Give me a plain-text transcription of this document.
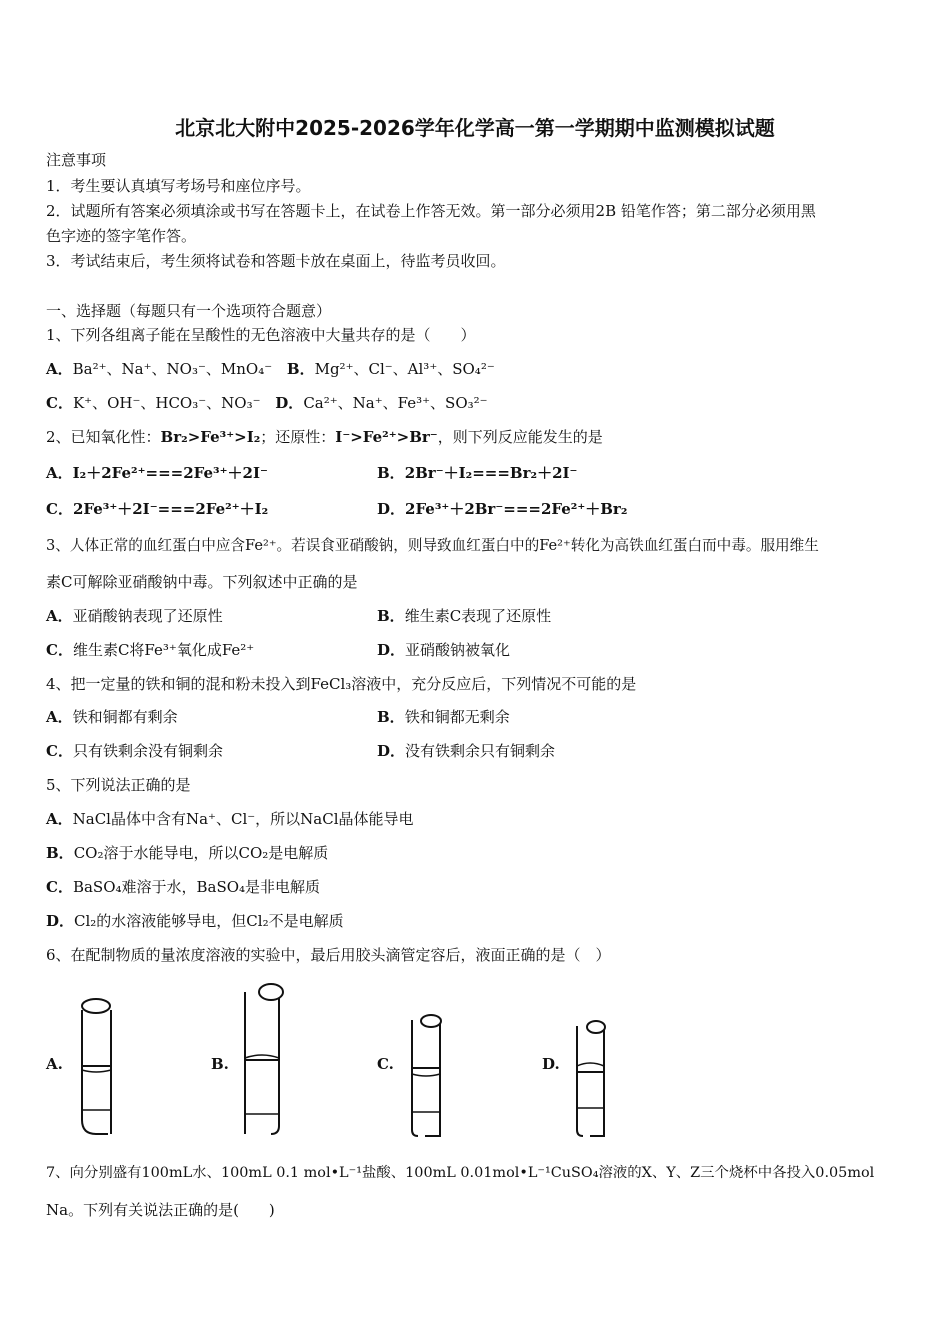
北京北大附中2025-2026学年化学高一第一学期期中监测模拟试题
注意事项
1．考生要认真填写考场号和座位序号。
2．试题所有答案必须填涂或书写在答题卡上，在试卷上作答无效。第一部分必须用2B 铅笔作答；第二部分必须用黑
色字迹的签字笔作答。
3．考试结束后，考生须将试卷和答题卡放在桌面上，待监考员收回。
一、选择题（每题只有一个选项符合题意）
1、下列各组离子能在呈酸性的无色溶液中大量共存的是（　　）
A．Ba²⁺、Na⁺、NO₃⁻、MnO₄⁻ B．Mg²⁺、Cl⁻、Al³⁺、SO₄²⁻
C．K⁺、OH⁻、HCO₃⁻、NO₃⁻ D．Ca²⁺、Na⁺、Fe³⁺、SO₃²⁻
2、已知氧化性：Br₂>Fe³⁺>I₂；还原性：I⁻>Fe²⁺>Br⁻，则下列反应能发生的是
A．I₂＋2Fe²⁺===2Fe³⁺＋2I⁻	B．2Br⁻＋I₂===Br₂＋2I⁻
C．2Fe³⁺＋2I⁻===2Fe²⁺＋I₂	D．2Fe³⁺＋2Br⁻===2Fe²⁺＋Br₂
3、人体正常的血红蛋白中应含Fe²⁺。若误食亚硝酸钠，则导致血红蛋白中的Fe²⁺转化为高铁血红蛋白而中毒。服用维生
素C可解除亚硝酸钠中毒。下列叙述中正确的是
A．亚硝酸钠表现了还原性	B．维生素C表现了还原性
C．维生素C将Fe³⁺氧化成Fe²⁺	D．亚硝酸钠被氧化
4、把一定量的铁和铜的混和粉未投入到FeCl₃溶液中，充分反应后，下列情况不可能的是
A．铁和铜都有剩余	B．铁和铜都无剩余
C．只有铁剩余没有铜剩余	D．没有铁剩余只有铜剩余
5、下列说法正确的是
A．NaCl晶体中含有Na⁺、Cl⁻，所以NaCl晶体能导电
B．CO₂溶于水能导电，所以CO₂是电解质
C．BaSO₄难溶于水，BaSO₄是非电解质
D．Cl₂的水溶液能够导电，但Cl₂不是电解质
6、在配制物质的量浓度溶液的实验中，最后用胶头滴管定容后，液面正确的是（　）
A.	B.	C.	D.
7、向分别盛有100mL水、100mL 0.1 mol•L⁻¹盐酸、100mL 0.01mol•L⁻¹CuSO₄溶液的X、Y、Z三个烧杯中各投入0.05mol
Na。下列有关说法正确的是(　　)
